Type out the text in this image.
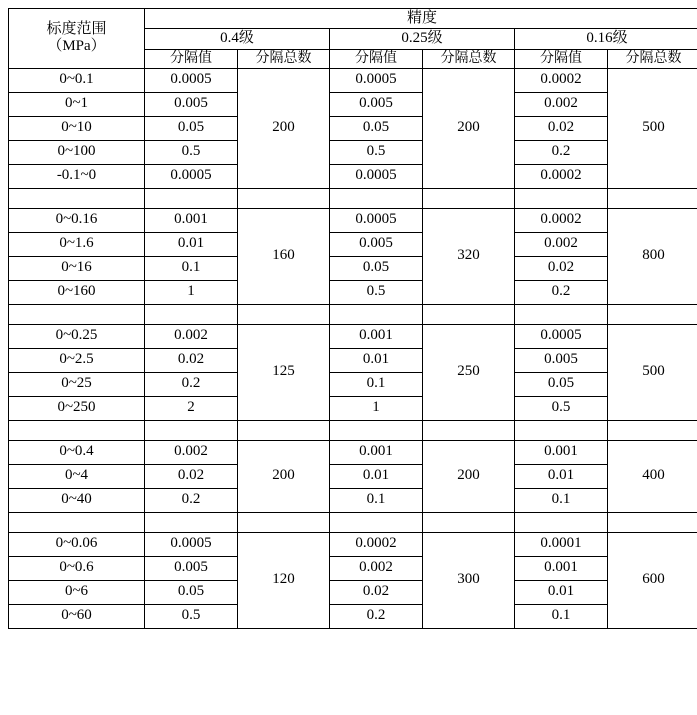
标度范围
（MPa）	精度					
	0.4级		0.25级		0.16级	
	分隔值	分隔总数	分隔值	分隔总数	分隔值	分隔总数
0~0.1	0.0005	200	0.0005	200	0.0002	500
0~1	0.005		0.005		0.002	
0~10	0.05		0.05		0.02	
0~100	0.5		0.5		0.2	
-0.1~0	0.0005		0.0005		0.0002	

0~0.16	0.001	160	0.0005	320	0.0002	800
0~1.6	0.01		0.005		0.002	
0~16	0.1		0.05		0.02	
0~160	1		0.5		0.2	

0~0.25	0.002	125	0.001	250	0.0005	500
0~2.5	0.02		0.01		0.005	
0~25	0.2		0.1		0.05	
0~250	2		1		0.5	

0~0.4	0.002	200	0.001	200	0.001	400
0~4	0.02		0.01		0.01	
0~40	0.2		0.1		0.1	

0~0.06	0.0005	120	0.0002	300	0.0001	600
0~0.6	0.005		0.002		0.001	
0~6	0.05		0.02		0.01	
0~60	0.5		0.2		0.1	
